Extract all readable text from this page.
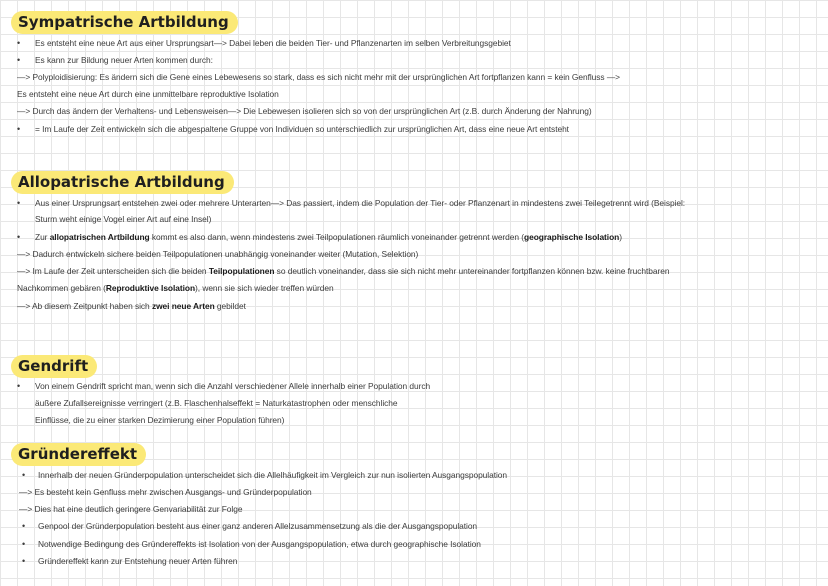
Sympatrische Artbildung
• Es entsteht eine neue Art aus einer Ursprungsart—> Dabei leben die beiden Tier- und Pflanzenarten im selben Verbreitungsgebiet
• Es kann zur Bildung neuer Arten kommen durch:
—> Polyploidisierung: Es ändern sich die Gene eines Lebewesens so stark, dass es sich nicht mehr mit der ursprünglichen Art fortpflanzen kann = kein Genfluss —>
Es entsteht eine neue Art durch eine unmittelbare reproduktive Isolation
—> Durch das ändern der Verhaltens- und Lebensweisen—> Die Lebewesen isolieren sich so von der ursprünglichen Art (z.B. durch Änderung der Nahrung)
• = Im Laufe der Zeit entwickeln sich die abgespaltene Gruppe von Individuen so unterschiedlich zur ursprünglichen Art, dass eine neue Art entsteht
Allopatrische Artbildung
• Aus einer Ursprungsart entstehen zwei oder mehrere Unterarten—> Das passiert, indem die Population der Tier- oder Pflanzenart in mindestens zwei Teilegetrennt wird (Beispiel:
Sturm weht einige Vogel einer Art auf eine Insel)
• Zur allopatrischen Artbildung kommt es also dann, wenn mindestens zwei Teilpopulationen räumlich voneinander getrennt werden (geographische Isolation)
—> Dadurch entwickeln sichere beiden Teilpopulationen unabhängig voneinander weiter (Mutation, Selektion)
—> Im Laufe der Zeit unterscheiden sich die beiden Teilpopulationen so deutlich voneinander, dass sie sich nicht mehr untereinander fortpflanzen können bzw. keine fruchtbaren
Nachkommen gebären (Reproduktive Isolation), wenn sie sich wieder treffen würden
—> Ab diesem Zeitpunkt haben sich zwei neue Arten gebildet
Gendrift
• Von einem Gendrift spricht man, wenn sich die Anzahl verschiedener Allele innerhalb einer Population durch
äußere Zufallsereignisse verringert (z.B. Flaschenhalseffekt = Naturkatastrophen oder menschliche
Einflüsse, die zu einer starken Dezimierung einer Population führen)
Gründereffekt
• Innerhalb der neuen Gründerpopulation unterscheidet sich die Allelhäufigkeit im Vergleich zur nun isolierten Ausgangspopulation
—> Es besteht kein Genfluss mehr zwischen Ausgangs- und Gründerpopulation
—> Dies hat eine deutlich geringere Genvariabilität zur Folge
• Genpool der Gründerpopulation besteht aus einer ganz anderen Allelzusammensetzung als die der Ausgangspopulation
• Notwendige Bedingung des Gründereffekts ist Isolation von der Ausgangspopulation, etwa durch geographische Isolation
• Gründereffekt kann zur Entstehung neuer Arten führen
